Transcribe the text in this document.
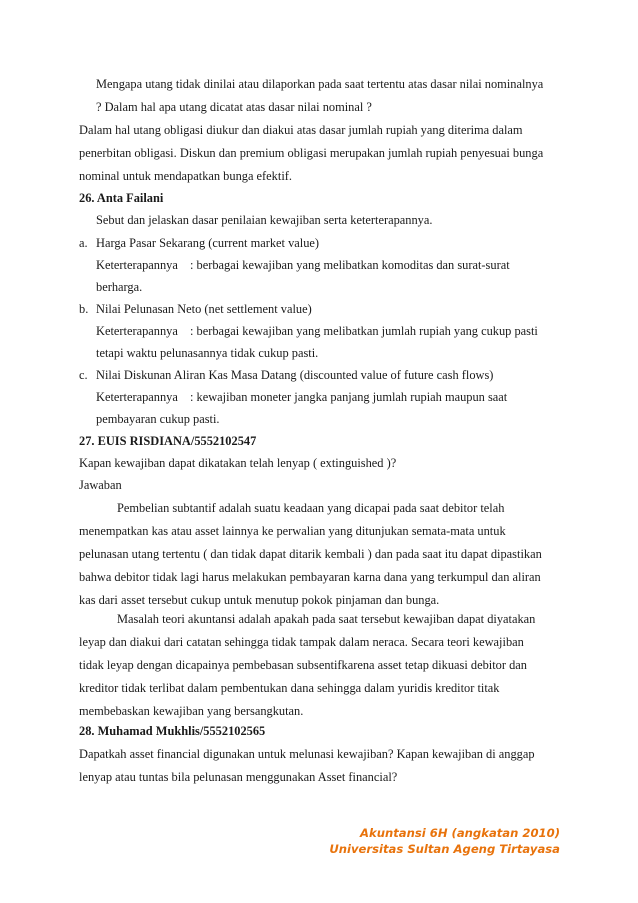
Mengapa utang tidak dinilai atau dilaporkan pada saat tertentu atas dasar nilai nominalnya
? Dalam hal apa utang dicatat atas dasar nilai nominal ?
Dalam hal utang obligasi diukur dan diakui atas dasar jumlah rupiah yang diterima dalam
penerbitan obligasi. Diskun dan premium obligasi merupakan jumlah rupiah penyesuai bunga
nominal untuk mendapatkan bunga efektif.
26. Anta Failani
Sebut dan jelaskan dasar penilaian kewajiban serta keterterapannya.
a. Harga Pasar Sekarang (current market value)
Keterterapannya : berbagai kewajiban yang melibatkan komoditas dan surat-surat
berharga.
b. Nilai Pelunasan Neto (net settlement value)
Keterterapannya : berbagai kewajiban yang melibatkan jumlah rupiah yang cukup pasti
tetapi waktu pelunasannya tidak cukup pasti.
c. Nilai Diskunan Aliran Kas Masa Datang (discounted value of future cash flows)
Keterterapannya : kewajiban moneter jangka panjang jumlah rupiah maupun saat
pembayaran cukup pasti.
27. EUIS RISDIANA/5552102547
Kapan kewajiban dapat dikatakan telah lenyap ( extinguished )?
Jawaban
Pembelian subtantif adalah suatu keadaan yang dicapai pada saat debitor telah
menempatkan kas atau asset lainnya ke perwalian yang ditunjukan semata-mata untuk
pelunasan utang tertentu ( dan tidak dapat ditarik kembali ) dan pada saat itu dapat dipastikan
bahwa debitor tidak lagi harus melakukan pembayaran karna dana yang terkumpul dan aliran
kas dari asset tersebut cukup untuk menutup pokok pinjaman dan bunga.
Masalah teori akuntansi adalah apakah pada saat tersebut kewajiban dapat diyatakan
leyap dan diakui dari catatan sehingga tidak tampak dalam neraca. Secara teori kewajiban
tidak leyap dengan dicapainya pembebasan subsentifkarena asset tetap dikuasi debitor dan
kreditor tidak terlibat dalam pembentukan dana sehingga dalam yuridis kreditor titak
membebaskan kewajiban yang bersangkutan.
28. Muhamad Mukhlis/5552102565
Dapatkah asset financial digunakan untuk melunasi kewajiban? Kapan kewajiban di anggap
lenyap atau tuntas bila pelunasan menggunakan Asset financial?
Akuntansi 6H (angkatan 2010)
Universitas Sultan Ageng Tirtayasa
